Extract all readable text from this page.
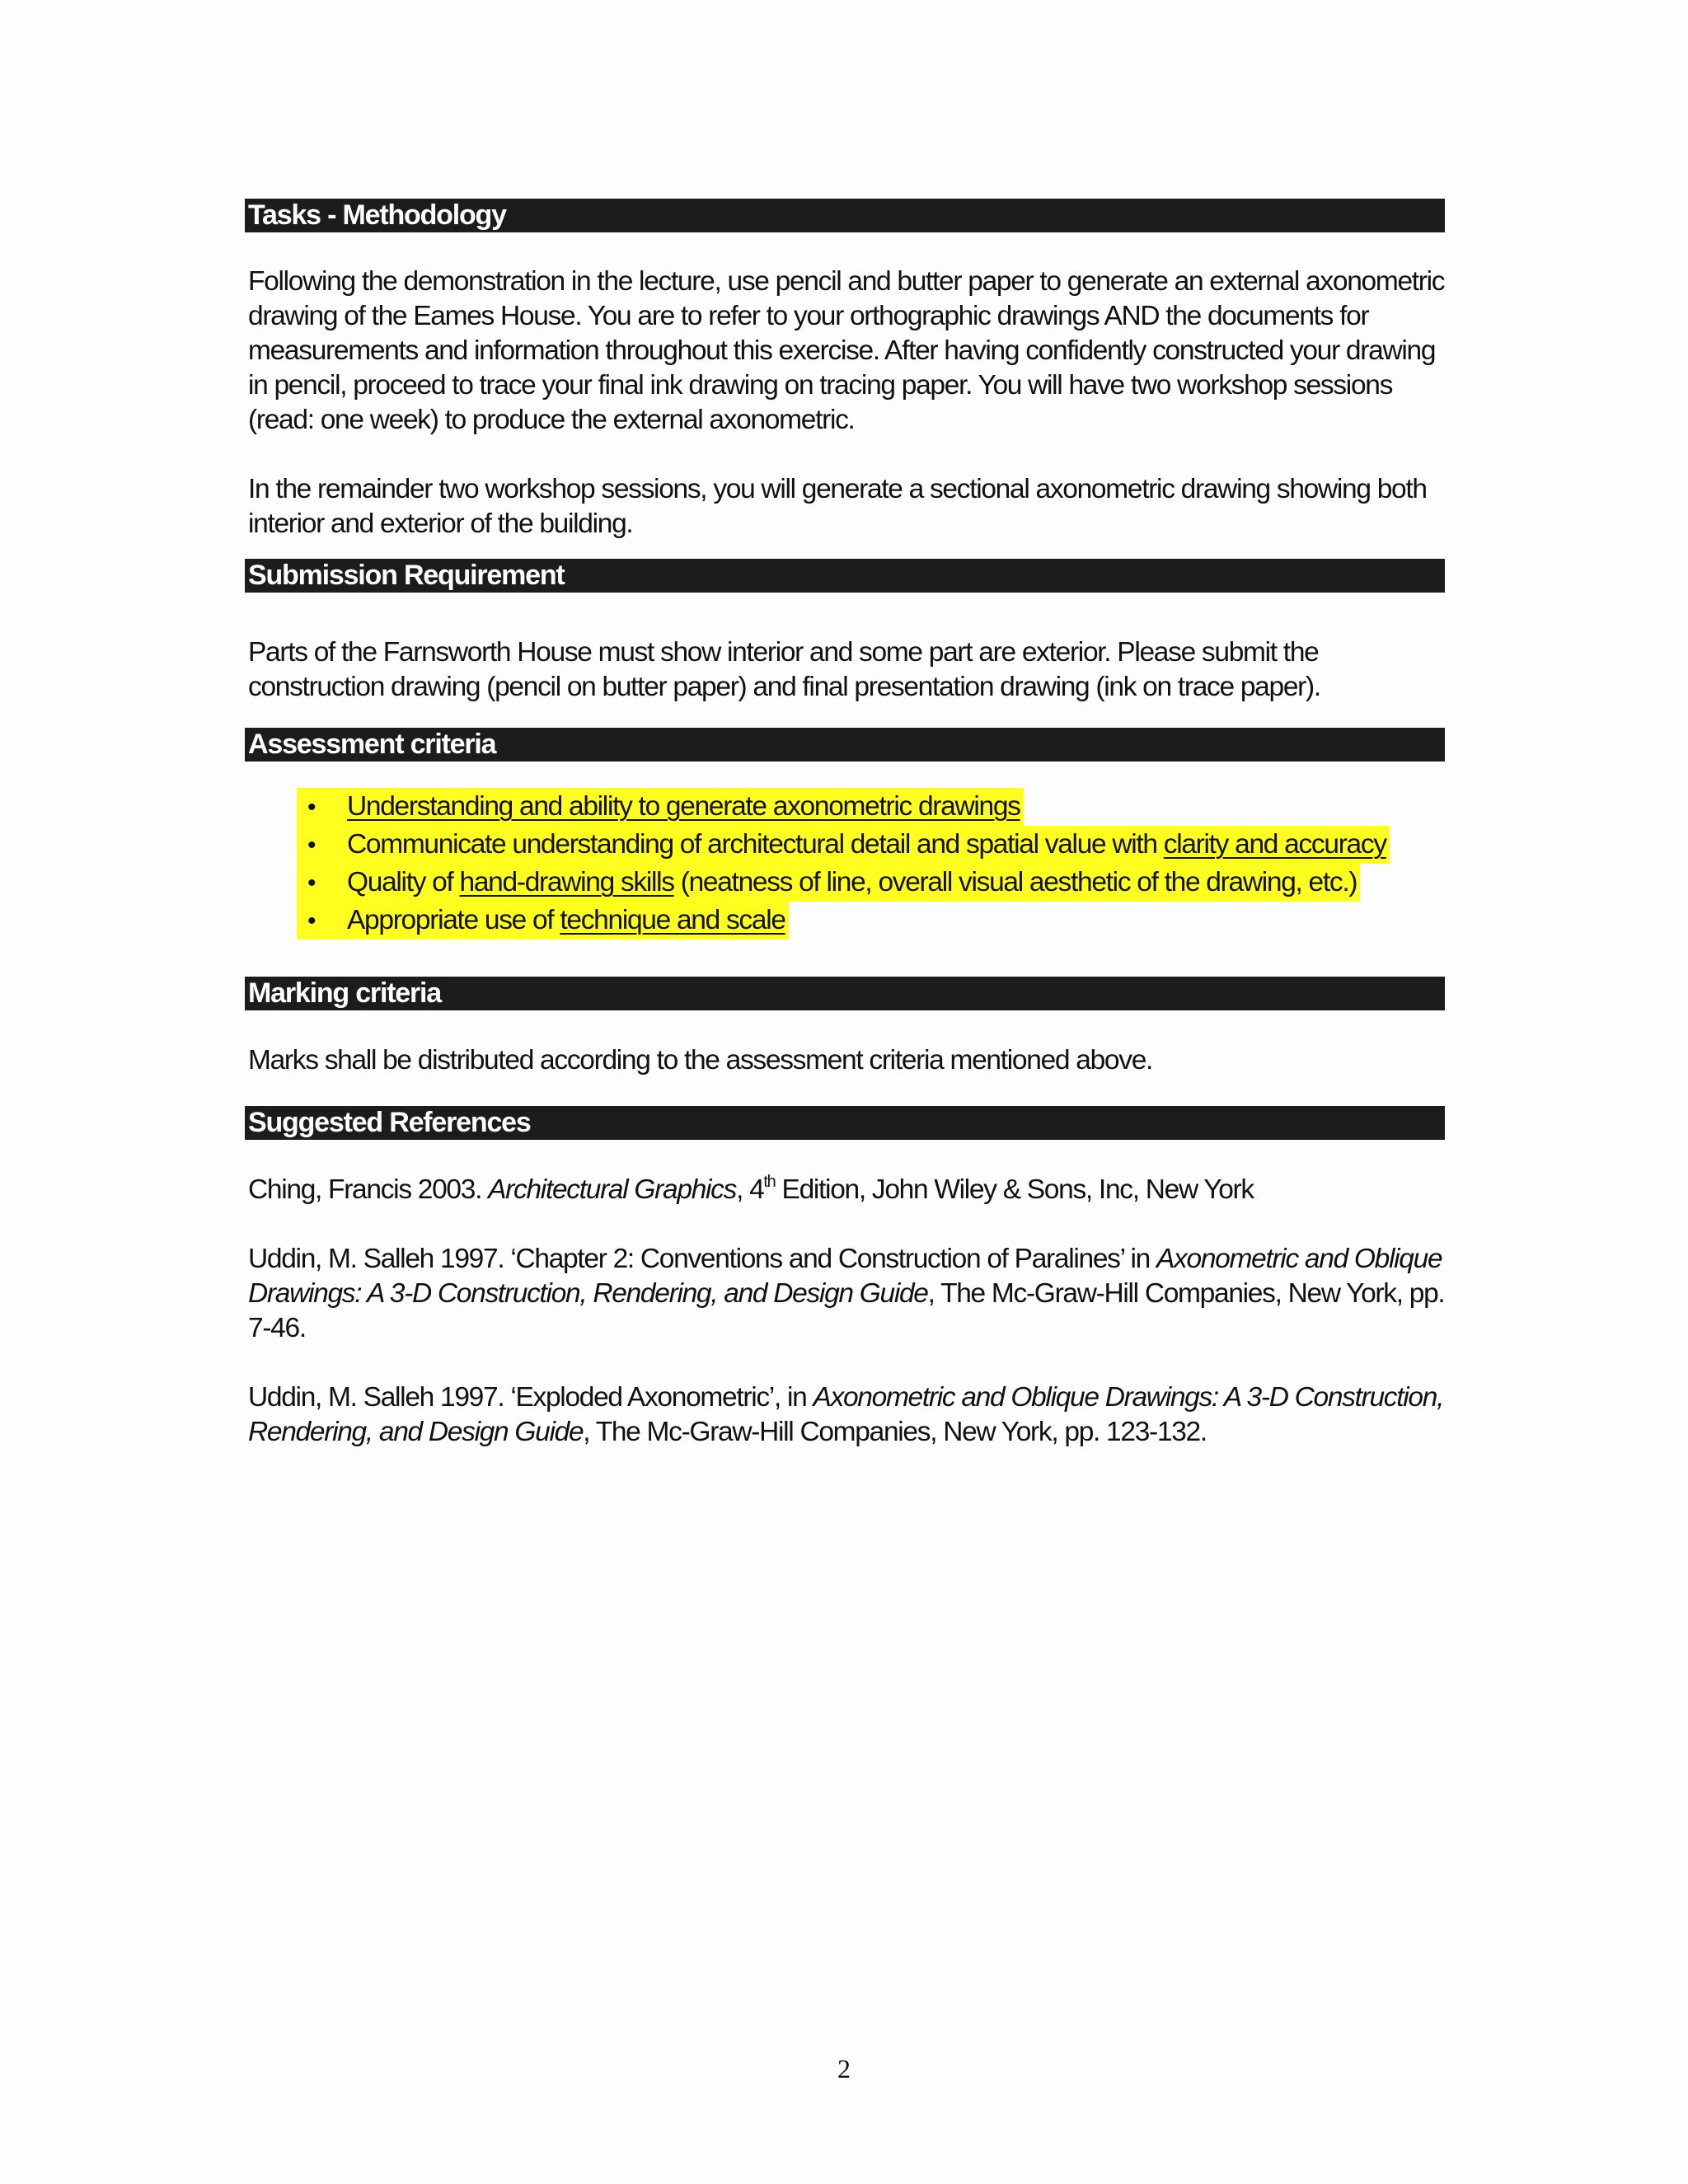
Tasks - Methodology

Following the demonstration in the lecture, use pencil and butter paper to generate an external axonometric
drawing of the Eames House. You are to refer to your orthographic drawings AND the documents for
measurements and information throughout this exercise. After having confidently constructed your drawing
in pencil, proceed to trace your final ink drawing on tracing paper. You will have two workshop sessions
(read: one week) to produce the external axonometric.

In the remainder two workshop sessions, you will generate a sectional axonometric drawing showing both
interior and exterior of the building.

Submission Requirement

Parts of the Farnsworth House must show interior and some part are exterior. Please submit the
construction drawing (pencil on butter paper) and final presentation drawing (ink on trace paper).

Assessment criteria
• Understanding and ability to generate axonometric drawings
• Communicate understanding of architectural detail and spatial value with clarity and accuracy
• Quality of hand-drawing skills (neatness of line, overall visual aesthetic of the drawing, etc.)
• Appropriate use of technique and scale
Marking criteria

Marks shall be distributed according to the assessment criteria mentioned above.

Suggested References

Ching, Francis 2003. Architectural Graphics, 4th Edition, John Wiley & Sons, Inc, New York

Uddin, M. Salleh 1997. ‘Chapter 2: Conventions and Construction of Paralines’ in Axonometric and Oblique
Drawings: A 3-D Construction, Rendering, and Design Guide, The Mc-Graw-Hill Companies, New York, pp.
7-46.

Uddin, M. Salleh 1997. ‘Exploded Axonometric’, in Axonometric and Oblique Drawings: A 3-D Construction,
Rendering, and Design Guide, The Mc-Graw-Hill Companies, New York, pp. 123-132.

2
